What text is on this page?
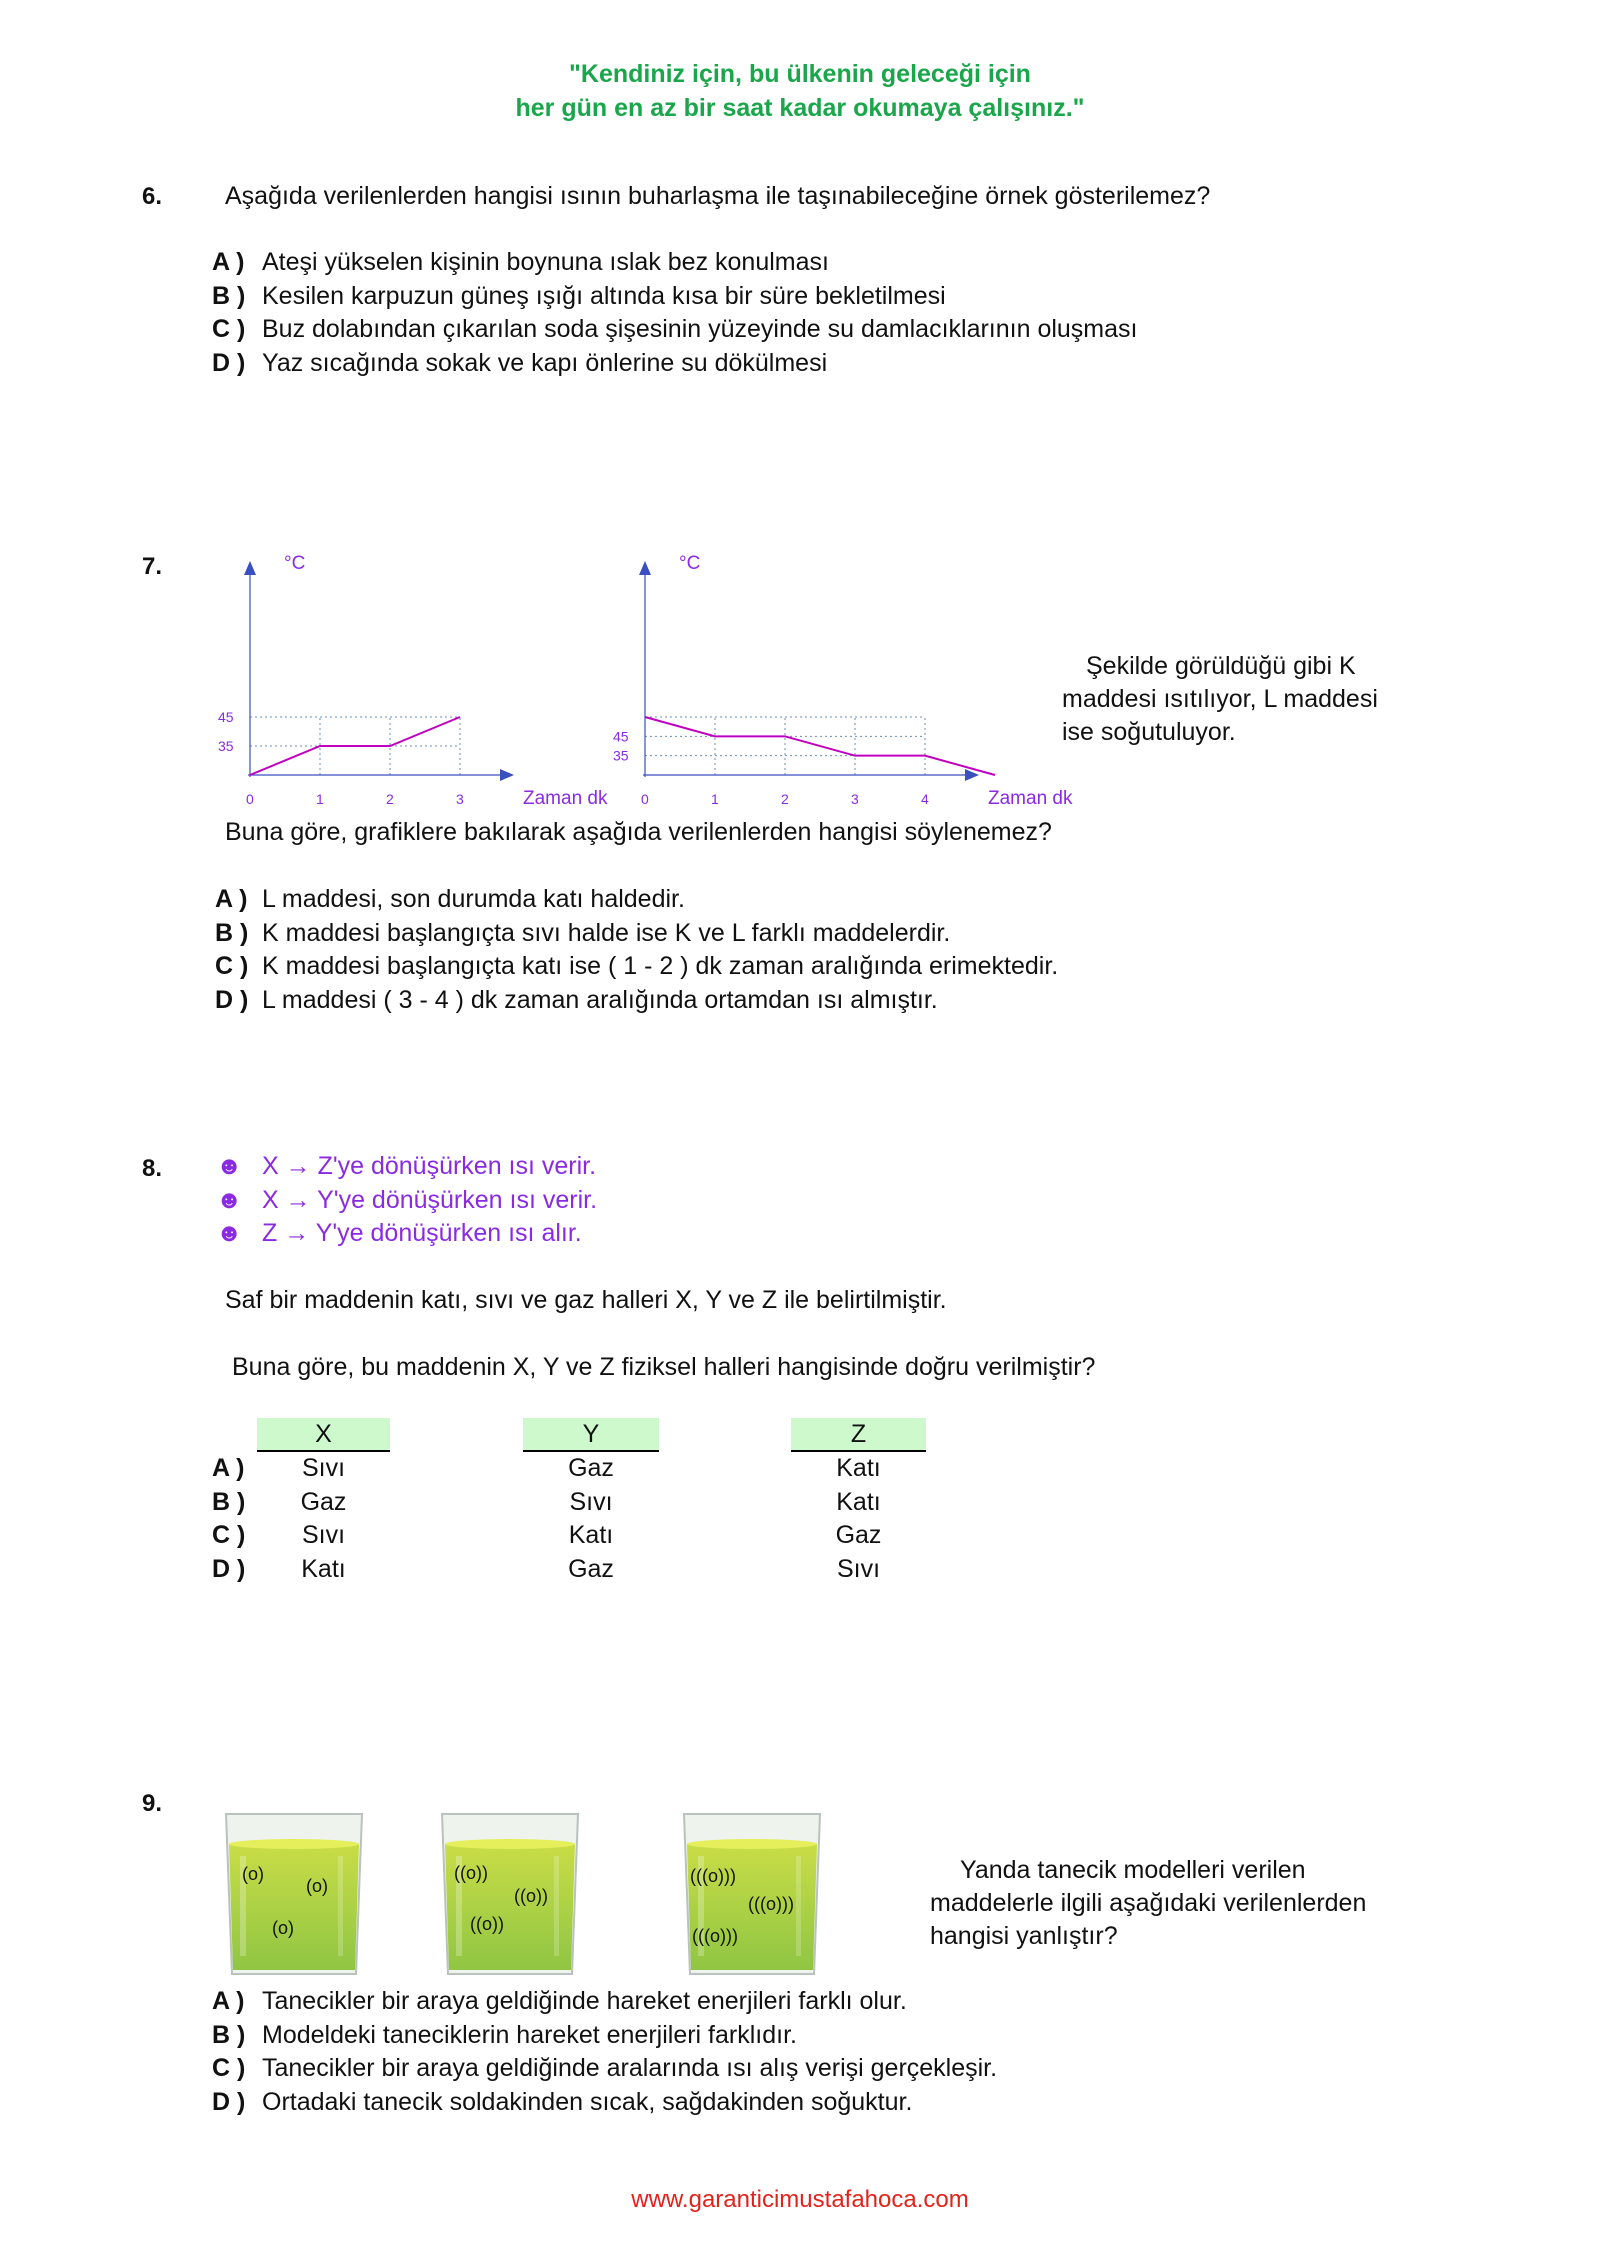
"Kendiniz için, bu ülkenin geleceği için
her gün en az bir saat kadar okumaya çalışınız."
6.	Aşağıda verilenlerden hangisi ısının buharlaşma ile taşınabileceğine örnek gösterilemez?
A ) Ateşi yükselen kişinin boynuna ıslak bez konulması
B ) Kesilen karpuzun güneş ışığı altında kısa bir süre bekletilmesi
C ) Buz dolabından çıkarılan soda şişesinin yüzeyinde su damlacıklarının oluşması
D ) Yaz sıcağında sokak ve kapı önlerine su dökülmesi
7.	°C
Zaman dk
0	1	2	3
35
45
°C
Zaman dk
0	1	2	3	4
35
45
Şekilde görüldüğü gibi K
maddesi ısıtılıyor, L maddesi
ise soğutuluyor.
Buna göre, grafiklere bakılarak aşağıda verilenlerden hangisi söylenemez?
A ) L maddesi, son durumda katı haldedir.
B ) K maddesi başlangıçta sıvı halde ise K ve L farklı maddelerdir.
C ) K maddesi başlangıçta katı ise ( 1 - 2 ) dk zaman aralığında erimektedir.
D ) L maddesi ( 3 - 4 ) dk zaman aralığında ortamdan ısı almıştır.
8. ☻ X → Z'ye dönüşürken ısı verir.
☻ X → Y'ye dönüşürken ısı verir.
☻ Z → Y'ye dönüşürken ısı alır.
Saf bir maddenin katı, sıvı ve gaz halleri X, Y ve Z ile belirtilmiştir.
Buna göre, bu maddenin X, Y ve Z fiziksel halleri hangisinde doğru verilmiştir?
X	Y	Z
A )	Sıvı	Gaz	Katı
B )	Gaz	Sıvı	Katı
C )	Sıvı	Katı	Gaz
D )	Katı	Gaz	Sıvı
9.
(o)
(o)
(o)
((o))
((o))
((o))
(((o)))
(((o)))
(((o)))
Yanda tanecik modelleri verilen
maddelerle ilgili aşağıdaki verilenlerden
hangisi yanlıştır?
A ) Tanecikler bir araya geldiğinde hareket enerjileri farklı olur.
B ) Modeldeki taneciklerin hareket enerjileri farklıdır.
C ) Tanecikler bir araya geldiğinde aralarında ısı alış verişi gerçekleşir.
D ) Ortadaki tanecik soldakinden sıcak, sağdakinden soğuktur.
www.garanticimustafahoca.com
